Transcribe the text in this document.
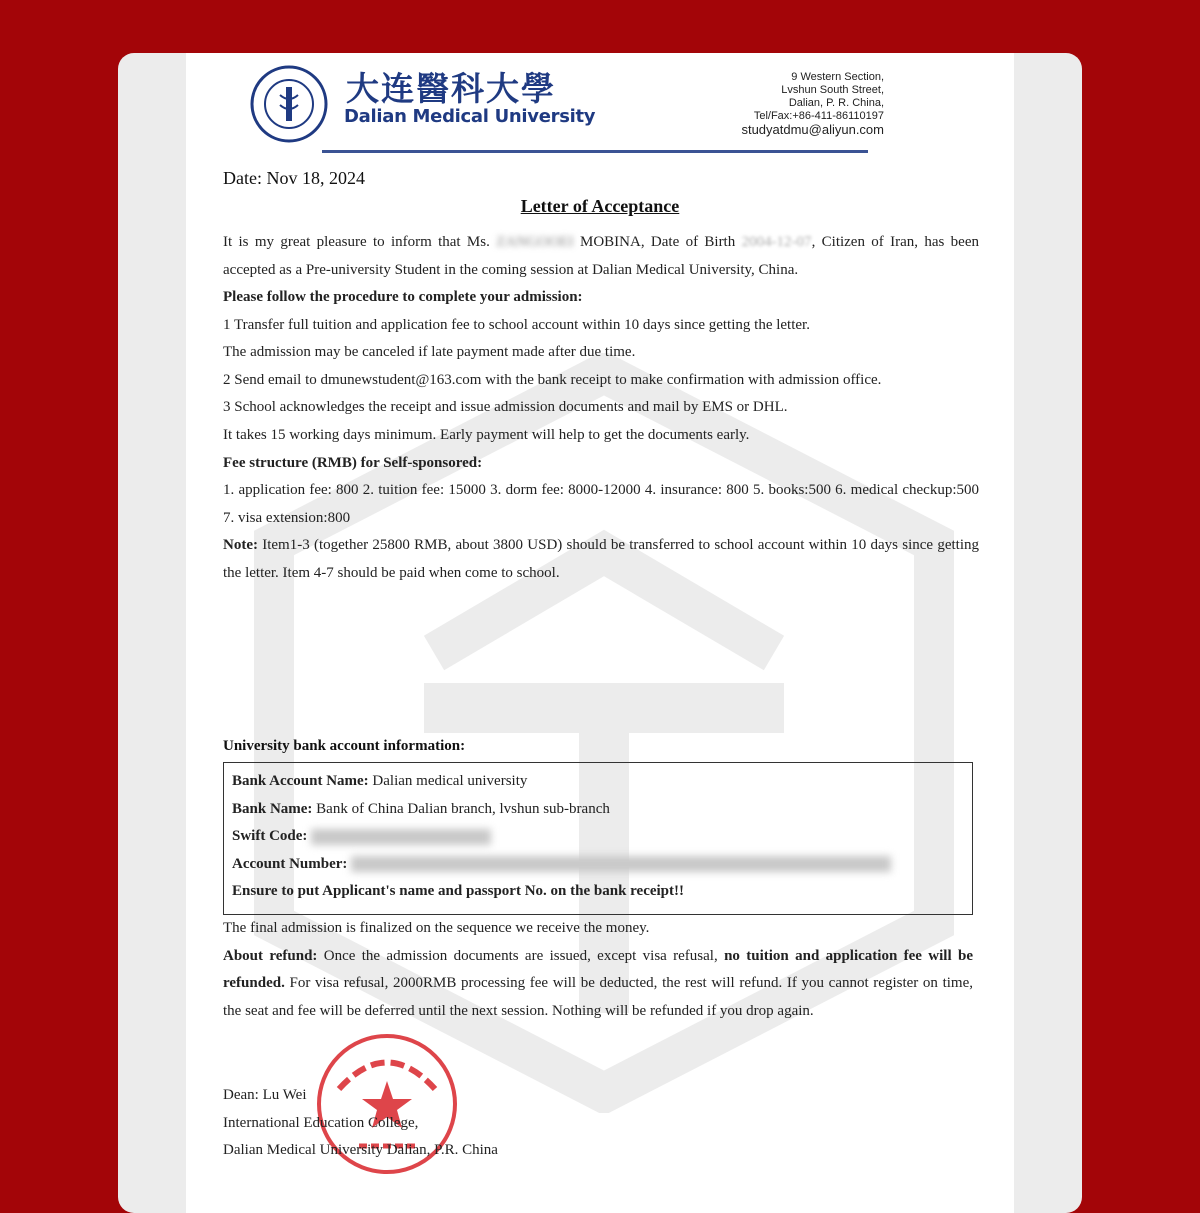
大连醫科大學
Dalian Medical University
9 Western Section,
Lvshun South Street,
Dalian, P. R. China,
Tel/Fax:+86-411-86110197
studyatdmu@aliyun.com
Date: Nov 18, 2024
Letter of Acceptance
It is my great pleasure to inform that Ms. ZANGOOEI MOBINA, Date of Birth 2004-12-07, Citizen of Iran, has been accepted as a Pre-university Student in the coming session at Dalian Medical University, China.

Please follow the procedure to complete your admission:

1 Transfer full tuition and application fee to school account within 10 days since getting the letter.

The admission may be canceled if late payment made after due time.

2 Send email to dmunewstudent@163.com with the bank receipt to make confirmation with admission office.

3 School acknowledges the receipt and issue admission documents and mail by EMS or DHL.

It takes 15 working days minimum. Early payment will help to get the documents early.

Fee structure (RMB) for Self-sponsored:

1. application fee: 800 2. tuition fee: 15000 3. dorm fee: 8000-12000 4. insurance: 800 5. books:500 6. medical checkup:500 7. visa extension:800

Note: Item1-3 (together 25800 RMB, about 3800 USD) should be transferred to school account within 10 days since getting the letter. Item 4-7 should be paid when come to school.

University bank account information:
Bank Account Name: Dalian medical university
Bank Name: Bank of China Dalian branch, lvshun sub-branch
Swift Code:
Account Number:
Ensure to put Applicant's name and passport No. on the bank receipt!!

The final admission is finalized on the sequence we receive the money.

About refund: Once the admission documents are issued, except visa refusal, no tuition and application fee will be refunded. For visa refusal, 2000RMB processing fee will be deducted, the rest will refund. If you cannot register on time, the seat and fee will be deferred until the next session. Nothing will be refunded if you drop again.

Dean: Lu Wei

International Education College,

Dalian Medical University Dalian, P.R. China
